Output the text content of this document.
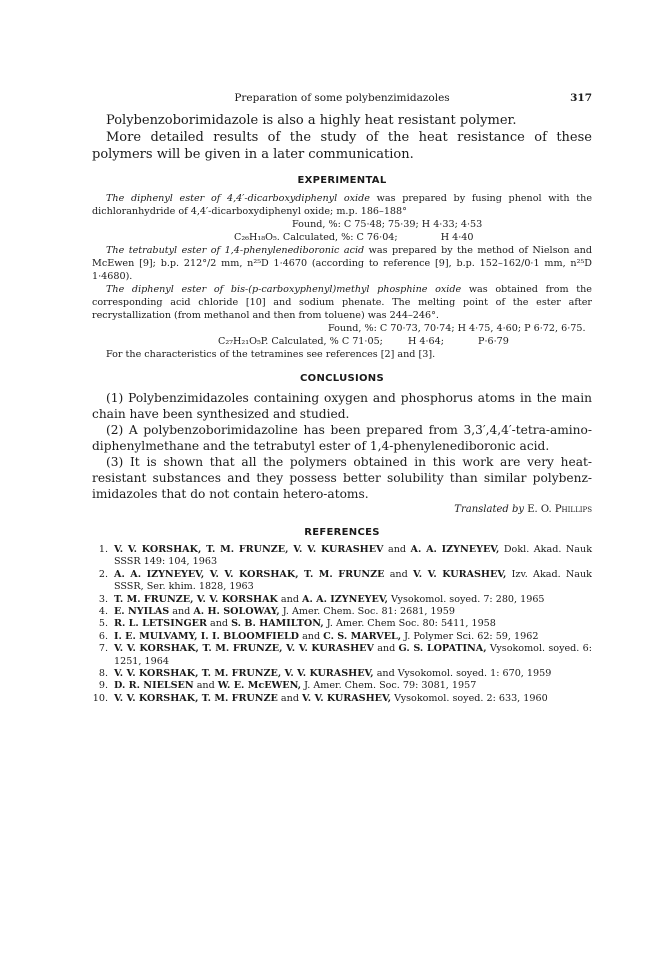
Preparation of some polybenzimidazoles	317

Polybenzoborimidazole is also a highly heat resistant polymer.

More detailed results of the study of the heat resistance of these polymers will be given in a later communication.

EXPERIMENTAL

The diphenyl ester of 4,4′-dicarboxydiphenyl oxide was prepared by fusing phenol with the dichloranhydride of 4,4′-dicarboxydiphenyl oxide; m.p. 186–188°

Found, %: C 75·48; 75·39; H 4·33; 4·53

C₂₆H₁₈O₅. Calculated, %: C 76·04;	H 4·40

The tetrabutyl ester of 1,4-phenylenediboronic acid was prepared by the method of Nielson and McEwen [9]; b.p. 212°/2 mm, n²⁵D 1·4670 (according to reference [9], b.p. 152–162/0·1 mm, n²⁵D 1·4680).

The diphenyl ester of bis-(p-carboxyphenyl)methyl phosphine oxide was obtained from the corresponding acid chloride [10] and sodium phenate. The melting point of the ester after recrystallization (from methanol and then from toluene) was 244–246°.

Found, %: C 70·73, 70·74; H 4·75, 4·60; P 6·72, 6·75.

C₂₇H₂₁O₅P. Calculated, % C 71·05;	H 4·64;	P·6·79

For the characteristics of the tetramines see references [2] and [3].

CONCLUSIONS

(1) Polybenzimidazoles containing oxygen and phosphorus atoms in the main chain have been synthesized and studied.

(2) A polybenzoborimidazoline has been prepared from 3,3′,4,4′-tetra-amino-diphenylmethane and the tetrabutyl ester of 1,4-phenylenediboronic acid.

(3) It is shown that all the polymers obtained in this work are very heat-resistant substances and they possess better solubility than similar polybenz-imidazoles that do not contain hetero-atoms.

Translated by E. O. Phillips
REFERENCES
1. V. V. KORSHAK, T. M. FRUNZE, V. V. KURASHEV and A. A. IZYNEYEV, Dokl. Akad. Nauk SSSR 149: 104, 1963
2. A. A. IZYNEYEV, V. V. KORSHAK, T. M. FRUNZE and V. V. KURASHEV, Izv. Akad. Nauk SSSR, Ser. khim. 1828, 1963
3. T. M. FRUNZE, V. V. KORSHAK and A. A. IZYNEYEV, Vysokomol. soyed. 7: 280, 1965
4. E. NYILAS and A. H. SOLOWAY, J. Amer. Chem. Soc. 81: 2681, 1959
5. R. L. LETSINGER and S. B. HAMILTON, J. Amer. Chem Soc. 80: 5411, 1958
6. I. E. MULVAMY, I. I. BLOOMFIELD and C. S. MARVEL, J. Polymer Sci. 62: 59, 1962
7. V. V. KORSHAK, T. M. FRUNZE, V. V. KURASHEV and G. S. LOPATINA, Vysokomol. soyed. 6: 1251, 1964
8. V. V. KORSHAK, T. M. FRUNZE, V. V. KURASHEV, and Vysokomol. soyed. 1: 670, 1959
9. D. R. NIELSEN and W. E. McEWEN, J. Amer. Chem. Soc. 79: 3081, 1957
10. V. V. KORSHAK, T. M. FRUNZE and V. V. KURASHEV, Vysokomol. soyed. 2: 633, 1960
